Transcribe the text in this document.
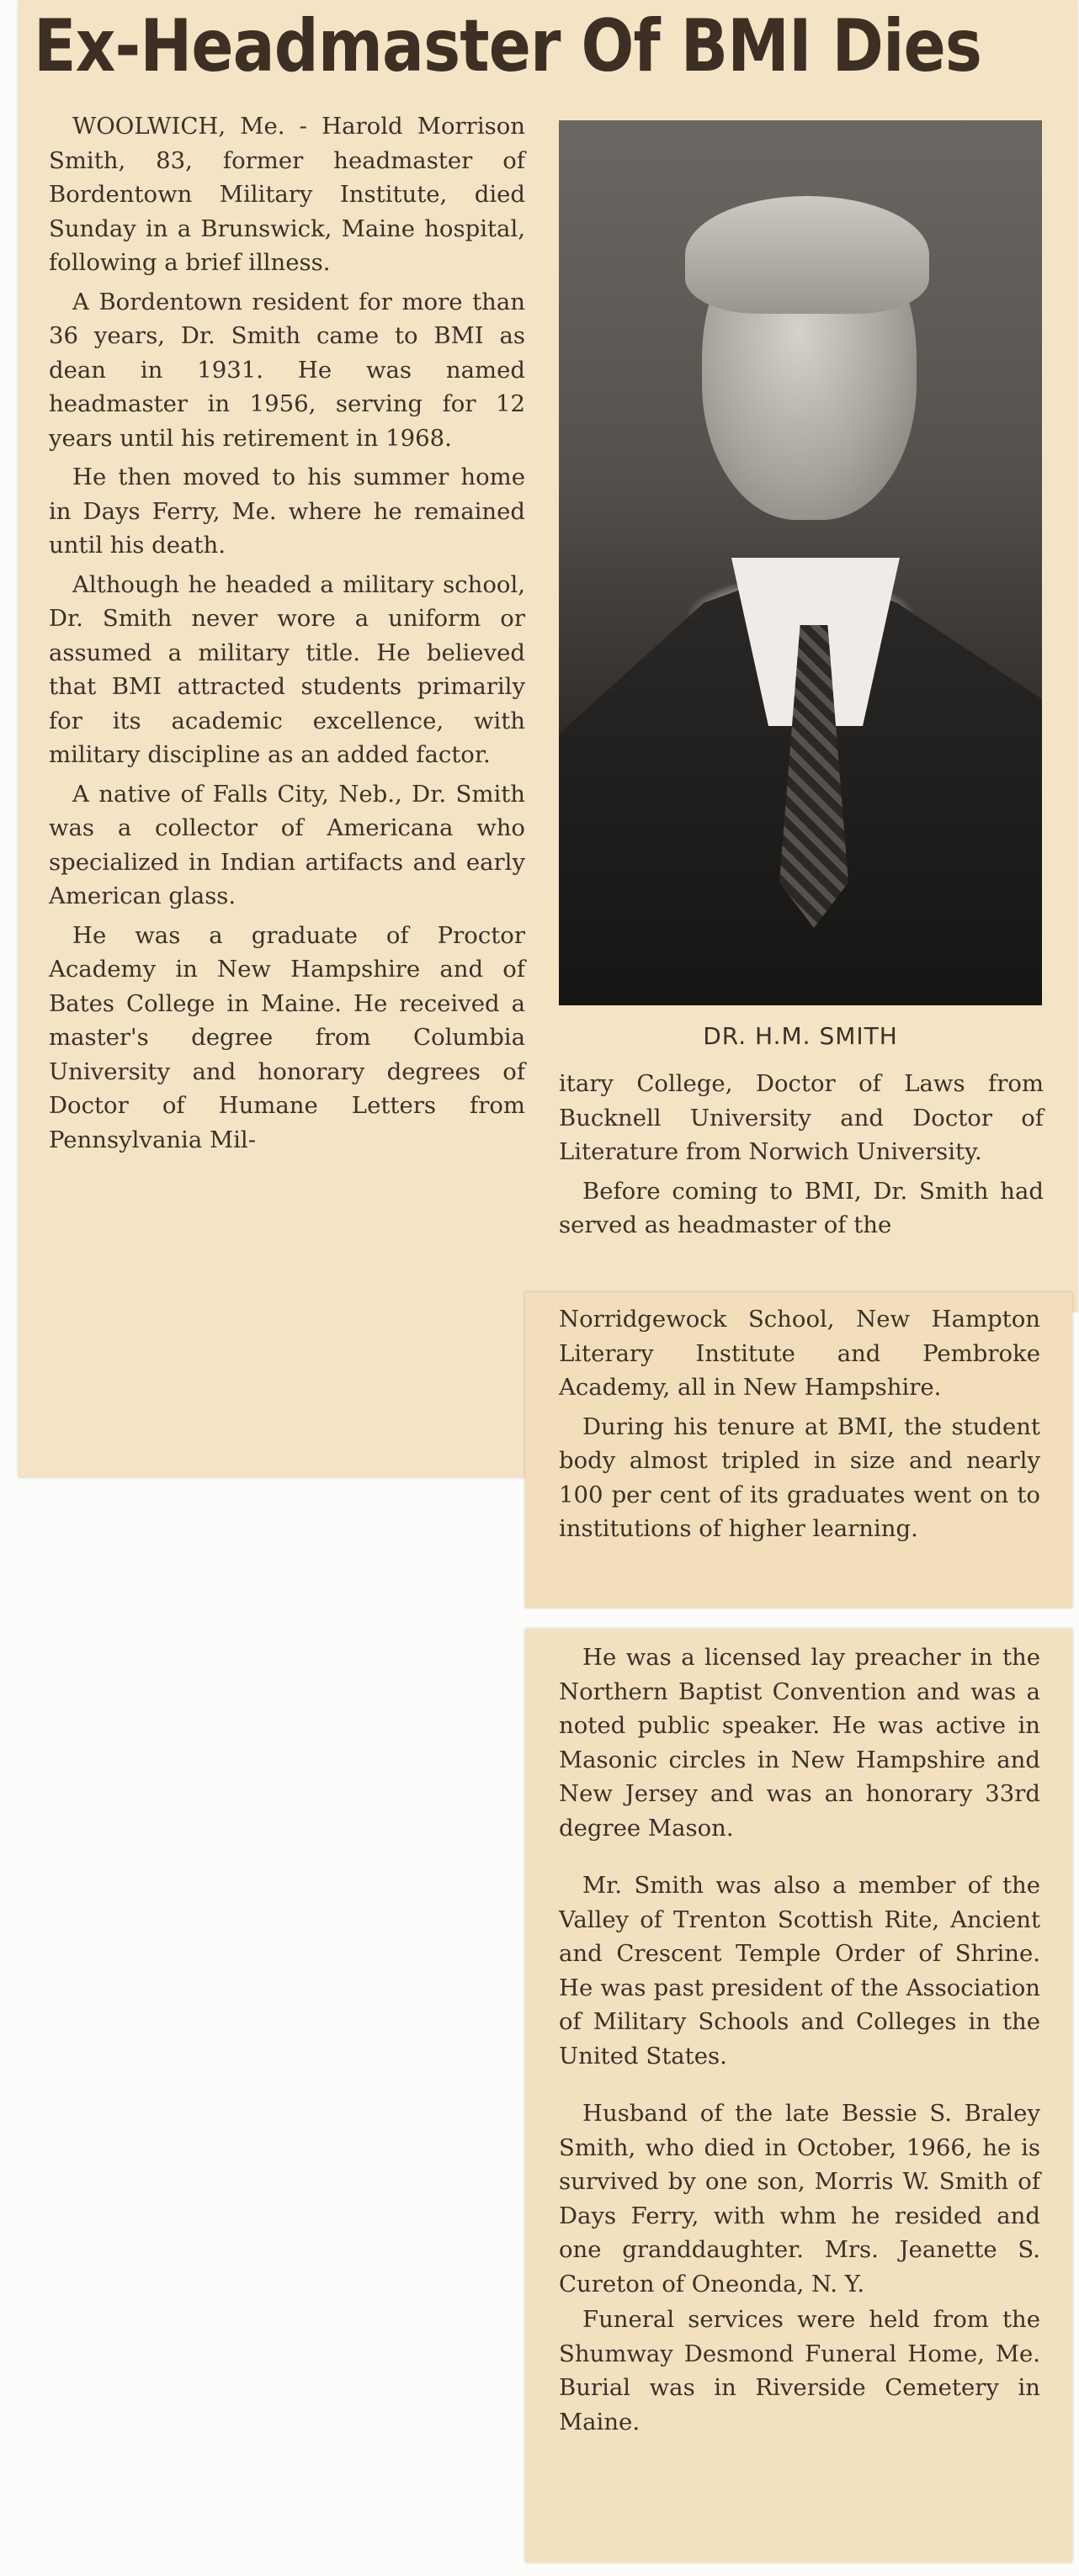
Ex-Headmaster Of BMI Dies

WOOLWICH, Me. - Harold Morrison Smith, 83, former headmaster of Bordentown Military Institute, died Sunday in a Brunswick, Maine hospital, following a brief illness.

A Bordentown resident for more than 36 years, Dr. Smith came to BMI as dean in 1931. He was named headmaster in 1956, serving for 12 years until his retirement in 1968.

He then moved to his summer home in Days Ferry, Me. where he remained until his death.

Although he headed a military school, Dr. Smith never wore a uniform or assumed a military title. He believed that BMI attracted students primarily for its academic excellence, with military discipline as an added factor.

A native of Falls City, Neb., Dr. Smith was a collector of Americana who specialized in Indian artifacts and early American glass.

He was a graduate of Proctor Academy in New Hampshire and of Bates College in Maine. He received a master's degree from Columbia University and honorary degrees of Doctor of Humane Letters from Pennsylvania Mil-

DR. H.M. SMITH

itary College, Doctor of Laws from Bucknell University and Doctor of Literature from Norwich University.

Before coming to BMI, Dr. Smith had served as headmaster of the

Norridgewock School, New Hampton Literary Institute and Pembroke Academy, all in New Hampshire.

During his tenure at BMI, the student body almost tripled in size and nearly 100 per cent of its graduates went on to institutions of higher learning.

He was a licensed lay preacher in the Northern Baptist Convention and was a noted public speaker. He was active in Masonic circles in New Hampshire and New Jersey and was an honorary 33rd degree Mason.

Mr. Smith was also a member of the Valley of Trenton Scottish Rite, Ancient and Crescent Temple Order of Shrine. He was past president of the Association of Military Schools and Colleges in the United States.

Husband of the late Bessie S. Braley Smith, who died in October, 1966, he is survived by one son, Morris W. Smith of Days Ferry, with whm he resided and one granddaughter. Mrs. Jeanette S. Cureton of Oneonda, N. Y.

Funeral services were held from the Shumway Desmond Funeral Home, Me. Burial was in Riverside Cemetery in Maine.
